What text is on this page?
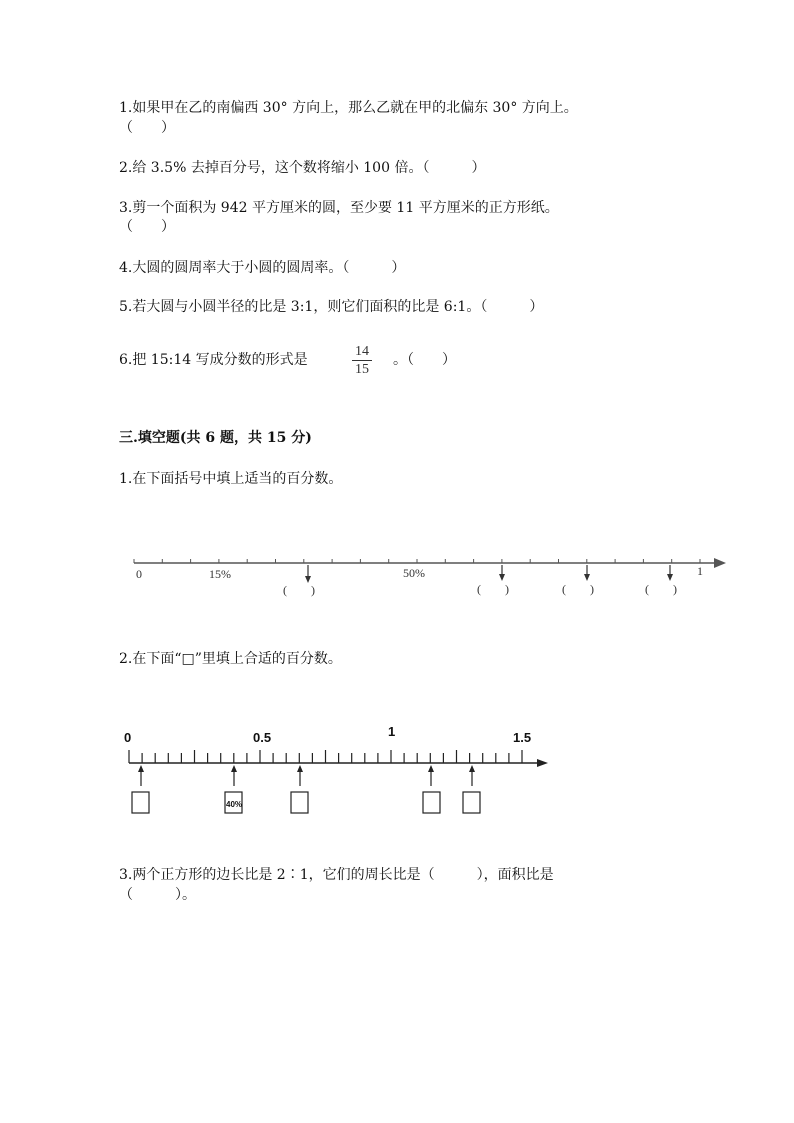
1.如果甲在乙的南偏西 30° 方向上，那么乙就在甲的北偏东 30° 方向上。
（　　）
2.给 3.5% 去掉百分号，这个数将缩小 100 倍。（　　　）
3.剪一个面积为 942 平方厘米的圆，至少要 11 平方厘米的正方形纸。
（　　）
4.大圆的圆周率大于小圆的圆周率。（　　　）
5.若大圆与小圆半径的比是 3:1，则它们面积的比是 6:1。（　　　）
6.把 15:14 写成分数的形式是
14
15
。（　　）
三.填空题(共 6 题，共 15 分)
1.在下面括号中填上适当的百分数。
0	15%	50%	1
(　　)	(　　)	(　　)	(　　)
0	0.5	1	1.5
40%
2.在下面“□”里填上合适的百分数。
3.两个正方形的边长比是 2∶1，它们的周长比是（　　　），面积比是
（　　　）。
